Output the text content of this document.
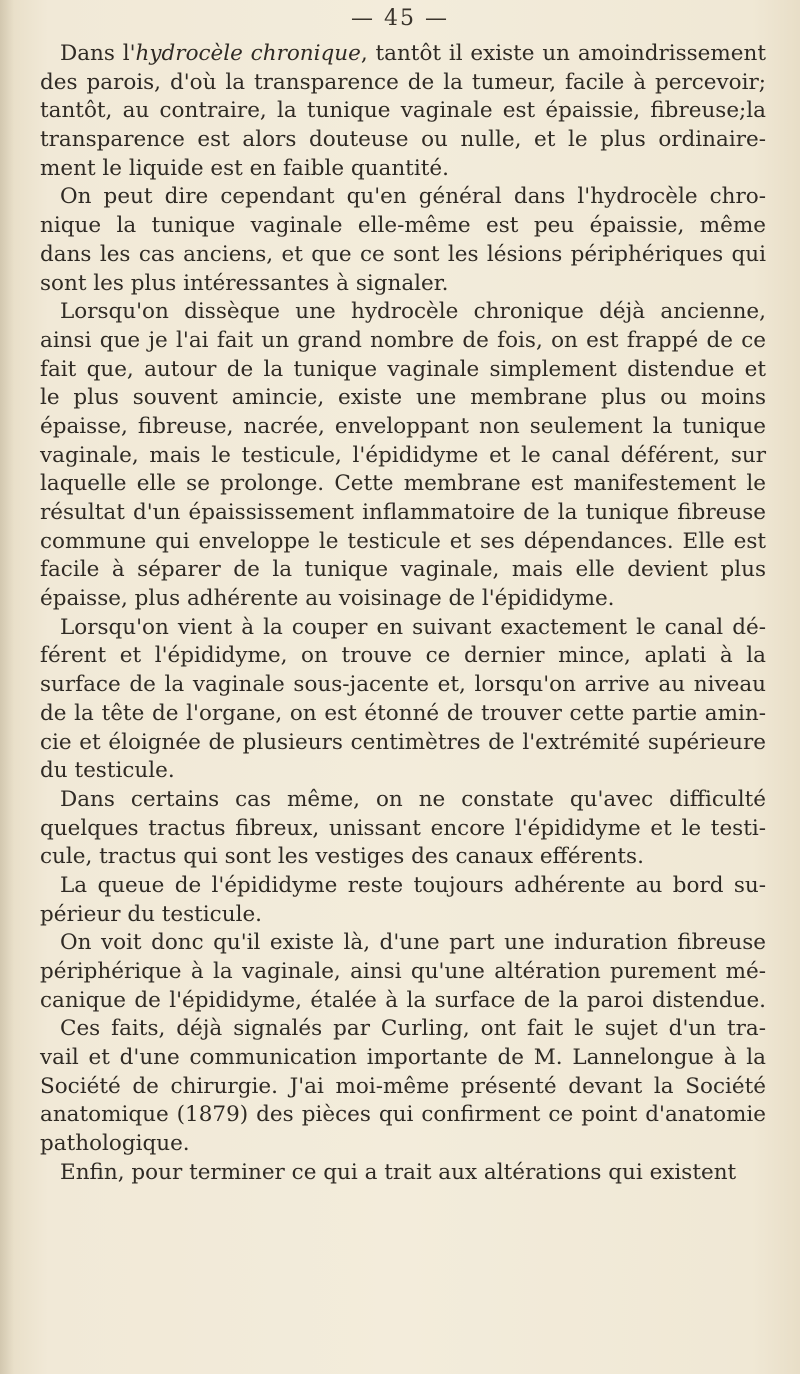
— 45 —
Dans l'hydrocèle chronique, tantôt il existe un amoindrissement
des parois, d'où la transparence de la tumeur, facile à percevoir;
tantôt, au contraire, la tunique vaginale est épaissie, fibreuse;la
transparence est alors douteuse ou nulle, et le plus ordinaire-
ment le liquide est en faible quantité.
On peut dire cependant qu'en général dans l'hydrocèle chro-
nique la tunique vaginale elle-même est peu épaissie, même
dans les cas anciens, et que ce sont les lésions périphériques qui
sont les plus intéressantes à signaler.
Lorsqu'on dissèque une hydrocèle chronique déjà ancienne,
ainsi que je l'ai fait un grand nombre de fois, on est frappé de ce
fait que, autour de la tunique vaginale simplement distendue et
le plus souvent amincie, existe une membrane plus ou moins
épaisse, fibreuse, nacrée, enveloppant non seulement la tunique
vaginale, mais le testicule, l'épididyme et le canal déférent, sur
laquelle elle se prolonge. Cette membrane est manifestement le
résultat d'un épaississement inflammatoire de la tunique fibreuse
commune qui enveloppe le testicule et ses dépendances. Elle est
facile à séparer de la tunique vaginale, mais elle devient plus
épaisse, plus adhérente au voisinage de l'épididyme.
Lorsqu'on vient à la couper en suivant exactement le canal dé-
férent et l'épididyme, on trouve ce dernier mince, aplati à la
surface de la vaginale sous-jacente et, lorsqu'on arrive au niveau
de la tête de l'organe, on est étonné de trouver cette partie amin-
cie et éloignée de plusieurs centimètres de l'extrémité supérieure
du testicule.
Dans certains cas même, on ne constate qu'avec difficulté
quelques tractus fibreux, unissant encore l'épididyme et le testi-
cule, tractus qui sont les vestiges des canaux efférents.
La queue de l'épididyme reste toujours adhérente au bord su-
périeur du testicule.
On voit donc qu'il existe là, d'une part une induration fibreuse
périphérique à la vaginale, ainsi qu'une altération purement mé-
canique de l'épididyme, étalée à la surface de la paroi distendue.
Ces faits, déjà signalés par Curling, ont fait le sujet d'un tra-
vail et d'une communication importante de M. Lannelongue à la
Société de chirurgie. J'ai moi-même présenté devant la Société
anatomique (1879) des pièces qui confirment ce point d'anatomie
pathologique.
Enfin, pour terminer ce qui a trait aux altérations qui existent
